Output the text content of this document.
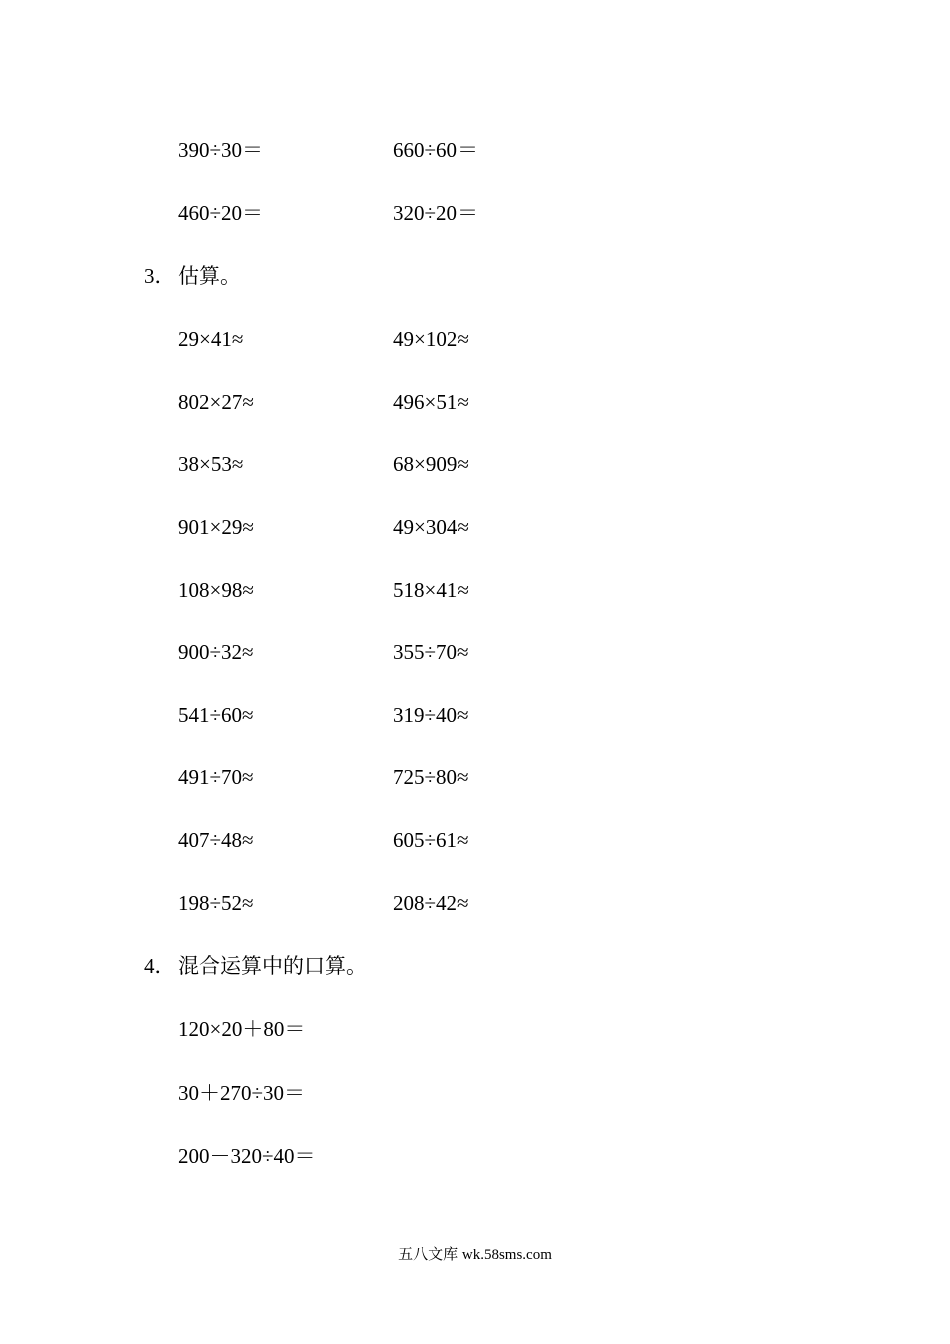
390÷30＝	660÷60＝
460÷20＝	320÷20＝
3． 估算。
29×41≈	49×102≈
802×27≈	496×51≈
38×53≈	68×909≈
901×29≈	49×304≈
108×98≈	518×41≈
900÷32≈	355÷70≈
541÷60≈	319÷40≈
491÷70≈	725÷80≈
407÷48≈	605÷61≈
198÷52≈	208÷42≈
4． 混合运算中的口算。
120×20＋80＝
30＋270÷30＝
200－320÷40＝
五八文库 wk.58sms.com
